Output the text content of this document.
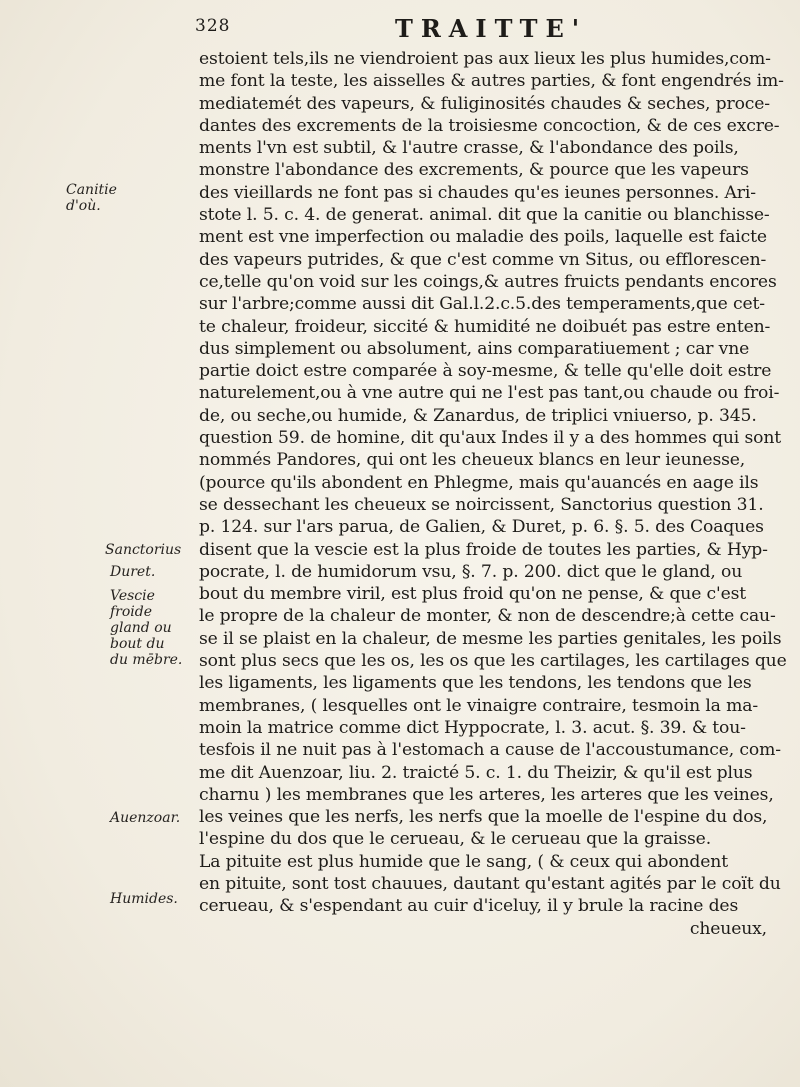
328	TRAITTE'
estoient tels,ils ne viendroient pas aux lieux les plus humides,com-
me font la teste, les aisselles & autres parties, & font engendrés im-
mediatemét des vapeurs, & fuliginosités chaudes & seches, proce-
dantes des excrements de la troisiesme concoction, & de ces excre-
ments l'vn est subtil, & l'autre crasse, & l'abondance des poils,
monstre l'abondance des excrements, & pource que les vapeurs
des vieillards ne font pas si chaudes qu'es ieunes personnes. Ari-
stote l. 5. c. 4. de generat. animal. dit que la canitie ou blanchisse-
ment est vne imperfection ou maladie des poils, laquelle est faicte
des vapeurs putrides, & que c'est comme vn Situs, ou efflorescen-
ce,telle qu'on void sur les coings,& autres fruicts pendants encores
sur l'arbre;comme aussi dit Gal.l.2.c.5.des temperaments,que cet-
te chaleur, froideur, siccité & humidité ne doibuét pas estre enten-
dus simplement ou absolument, ains comparatiuement ; car vne
partie doict estre comparée à soy-mesme, & telle qu'elle doit estre
naturelement,ou à vne autre qui ne l'est pas tant,ou chaude ou froi-
de, ou seche,ou humide, & Zanardus, de triplici vniuerso, p. 345.
question 59. de homine, dit qu'aux Indes il y a des hommes qui sont
nommés Pandores, qui ont les cheueux blancs en leur ieunesse,
(pource qu'ils abondent en Phlegme, mais qu'auancés en aage ils
se dessechant les cheueux se noircissent, Sanctorius question 31.
p. 124. sur l'ars parua, de Galien, & Duret, p. 6. §. 5. des Coaques
disent que la vescie est la plus froide de toutes les parties, & Hyp-
pocrate, l. de humidorum vsu, §. 7. p. 200. dict que le gland, ou
bout du membre viril, est plus froid qu'on ne pense, & que c'est
le propre de la chaleur de monter, & non de descendre;à cette cau-
se il se plaist en la chaleur, de mesme les parties genitales, les poils
sont plus secs que les os, les os que les cartilages, les cartilages que
les ligaments, les ligaments que les tendons, les tendons que les
membranes, ( lesquelles ont le vinaigre contraire, tesmoin la ma-
moin la matrice comme dict Hyppocrate, l. 3. acut. §. 39. & tou-
tesfois il ne nuit pas à l'estomach a cause de l'accoustumance, com-
me dit Auenzoar, liu. 2. traicté 5. c. 1. du Theizir, & qu'il est plus
charnu ) les membranes que les arteres, les arteres que les veines,
les veines que les nerfs, les nerfs que la moelle de l'espine du dos,
l'espine du dos que le cerueau, & le cerueau que la graisse.
La pituite est plus humide que le sang, ( & ceux qui abondent
en pituite, sont tost chauues, dautant qu'estant agités par le coït du
cerueau, & s'espendant au cuir d'iceluy, il y brule la racine des
cheueux,
Canitie
d'où.
Sanctorius
Duret.
Vescie
froide
gland ou
bout du
du mēbre.
Auenzoar.
Humides.
